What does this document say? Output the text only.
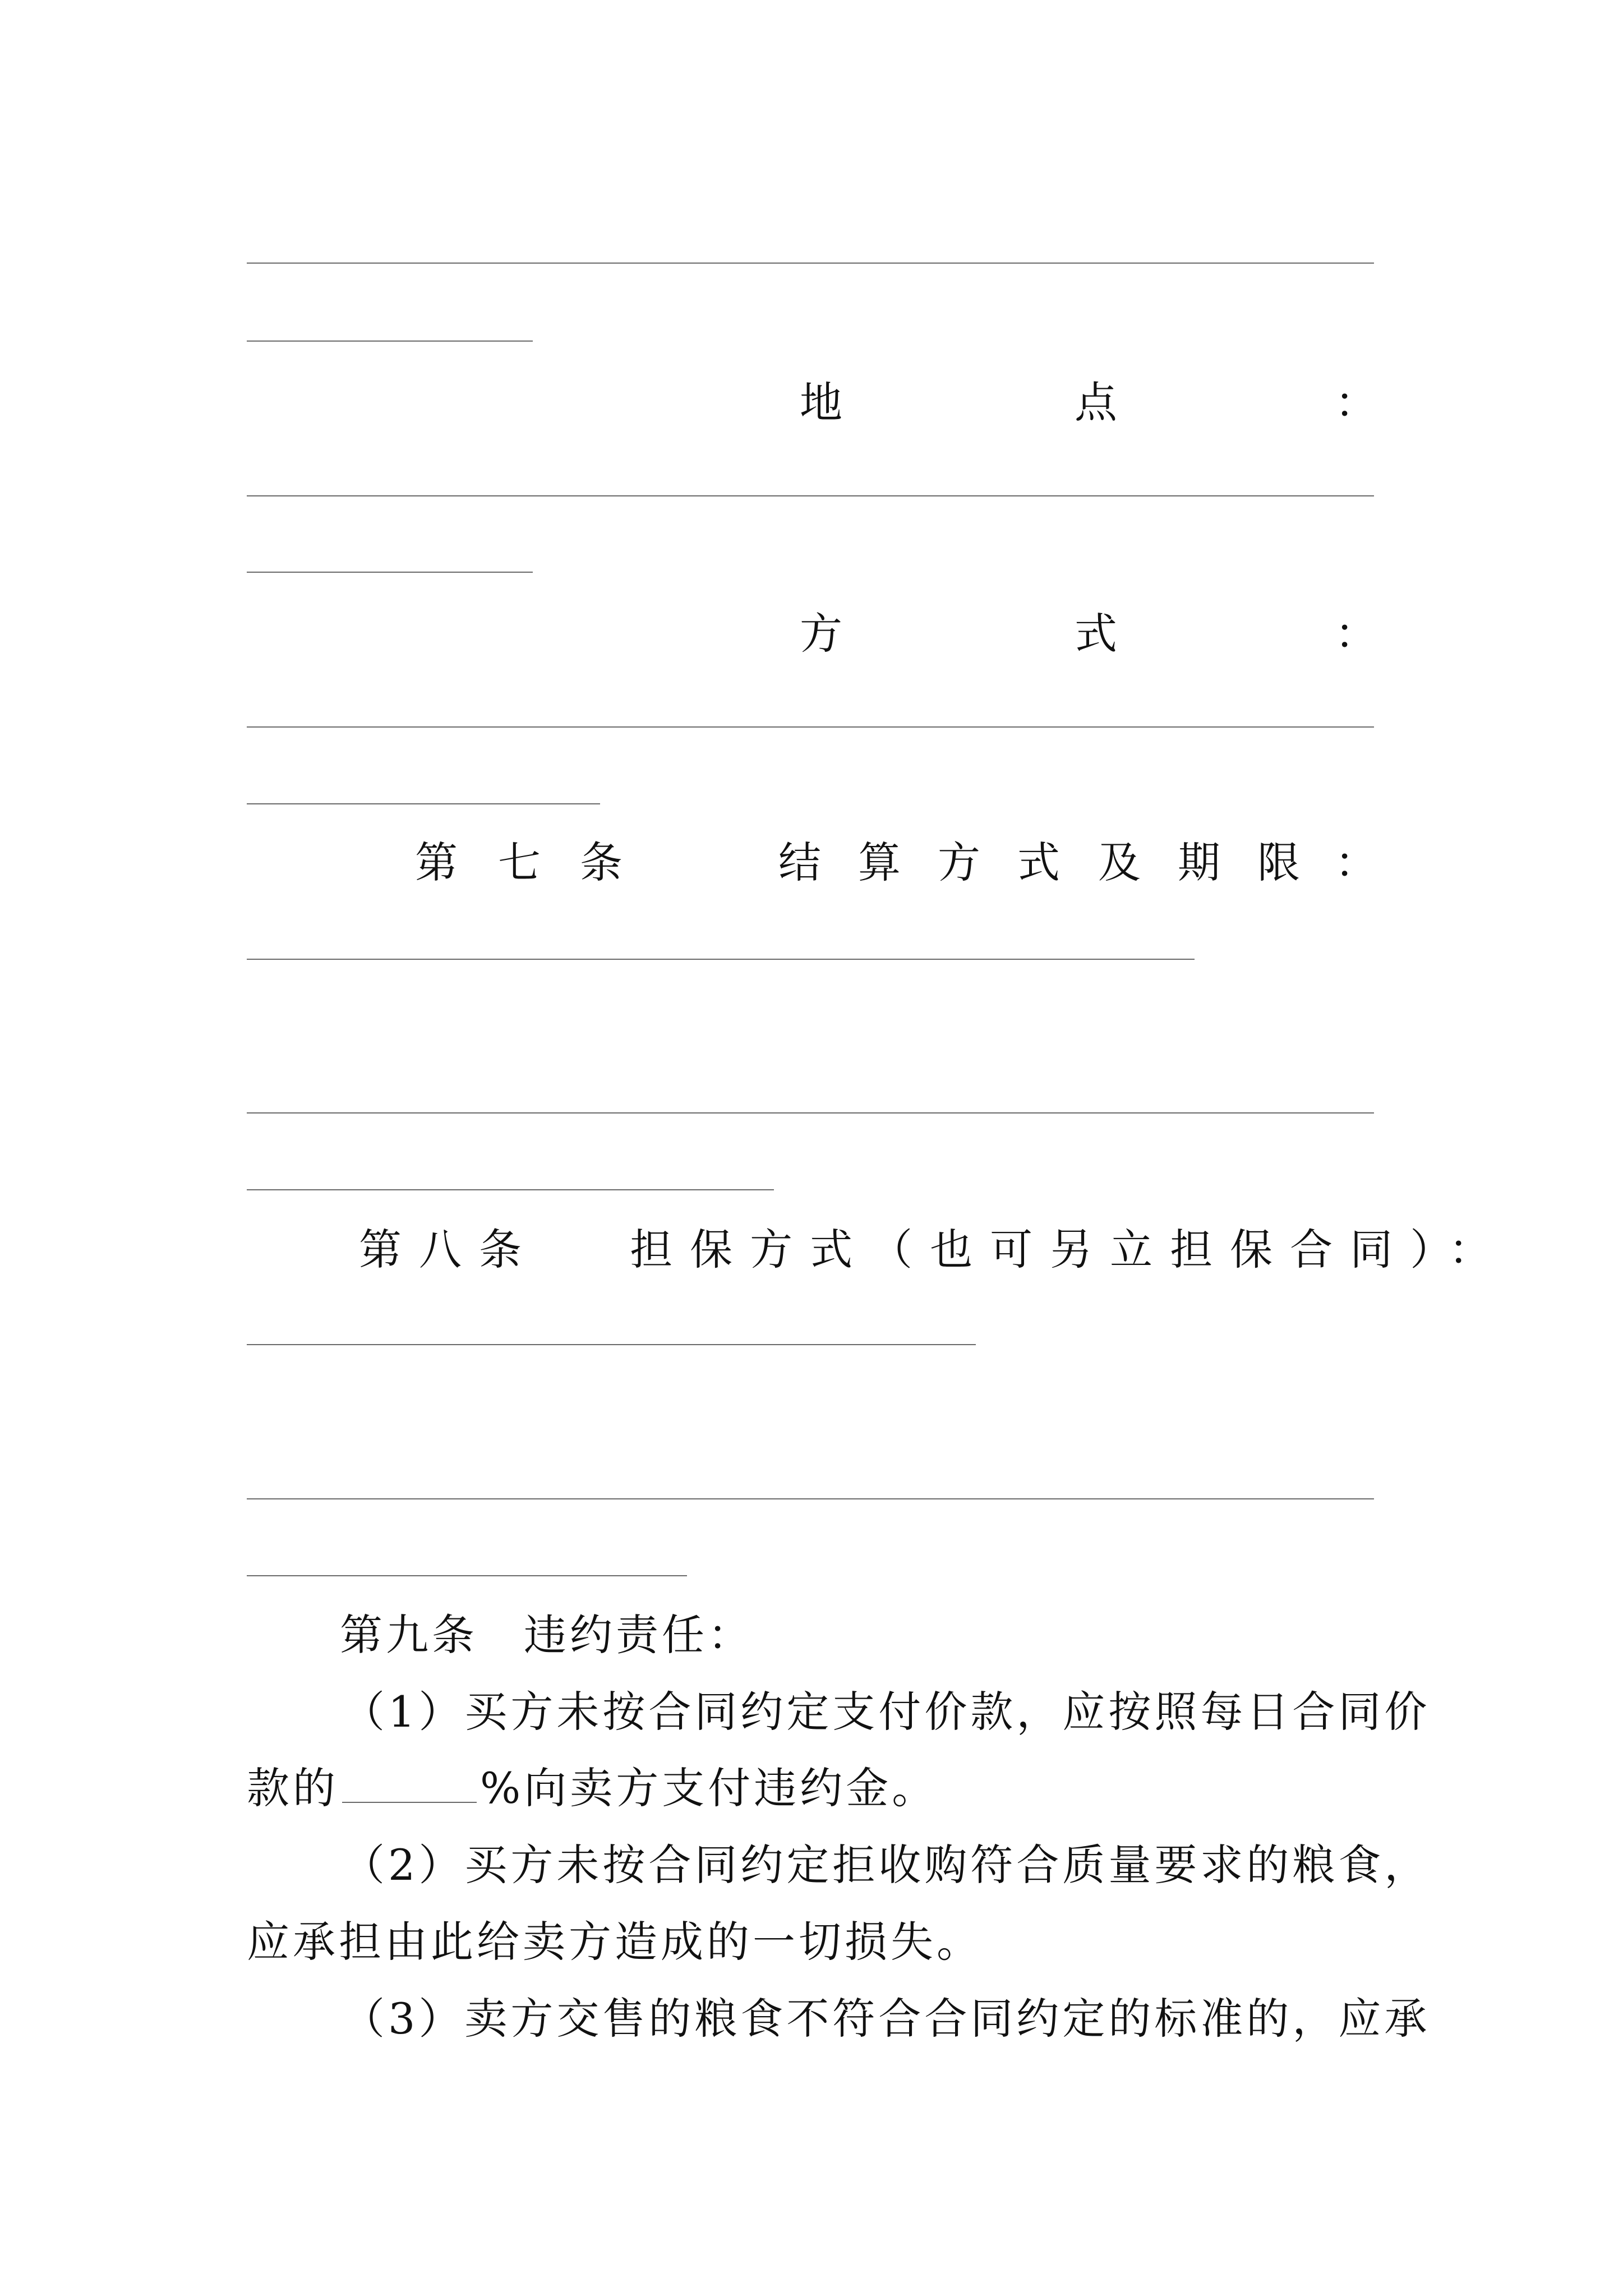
地	点	：
方	式	：
第 七 条	结 算 方 式 及 期 限 ：
第八条　 担保方式（也可另立担保合同）：
第九条　违约责任：
（1）买方未按合同约定支付价款，应按照每日合同价
款的	%向卖方支付违约金。
（2）买方未按合同约定拒收购符合质量要求的粮食，
应承担由此给卖方造成的一切损失。
（3）卖方交售的粮食不符合合同约定的标准的，应承
